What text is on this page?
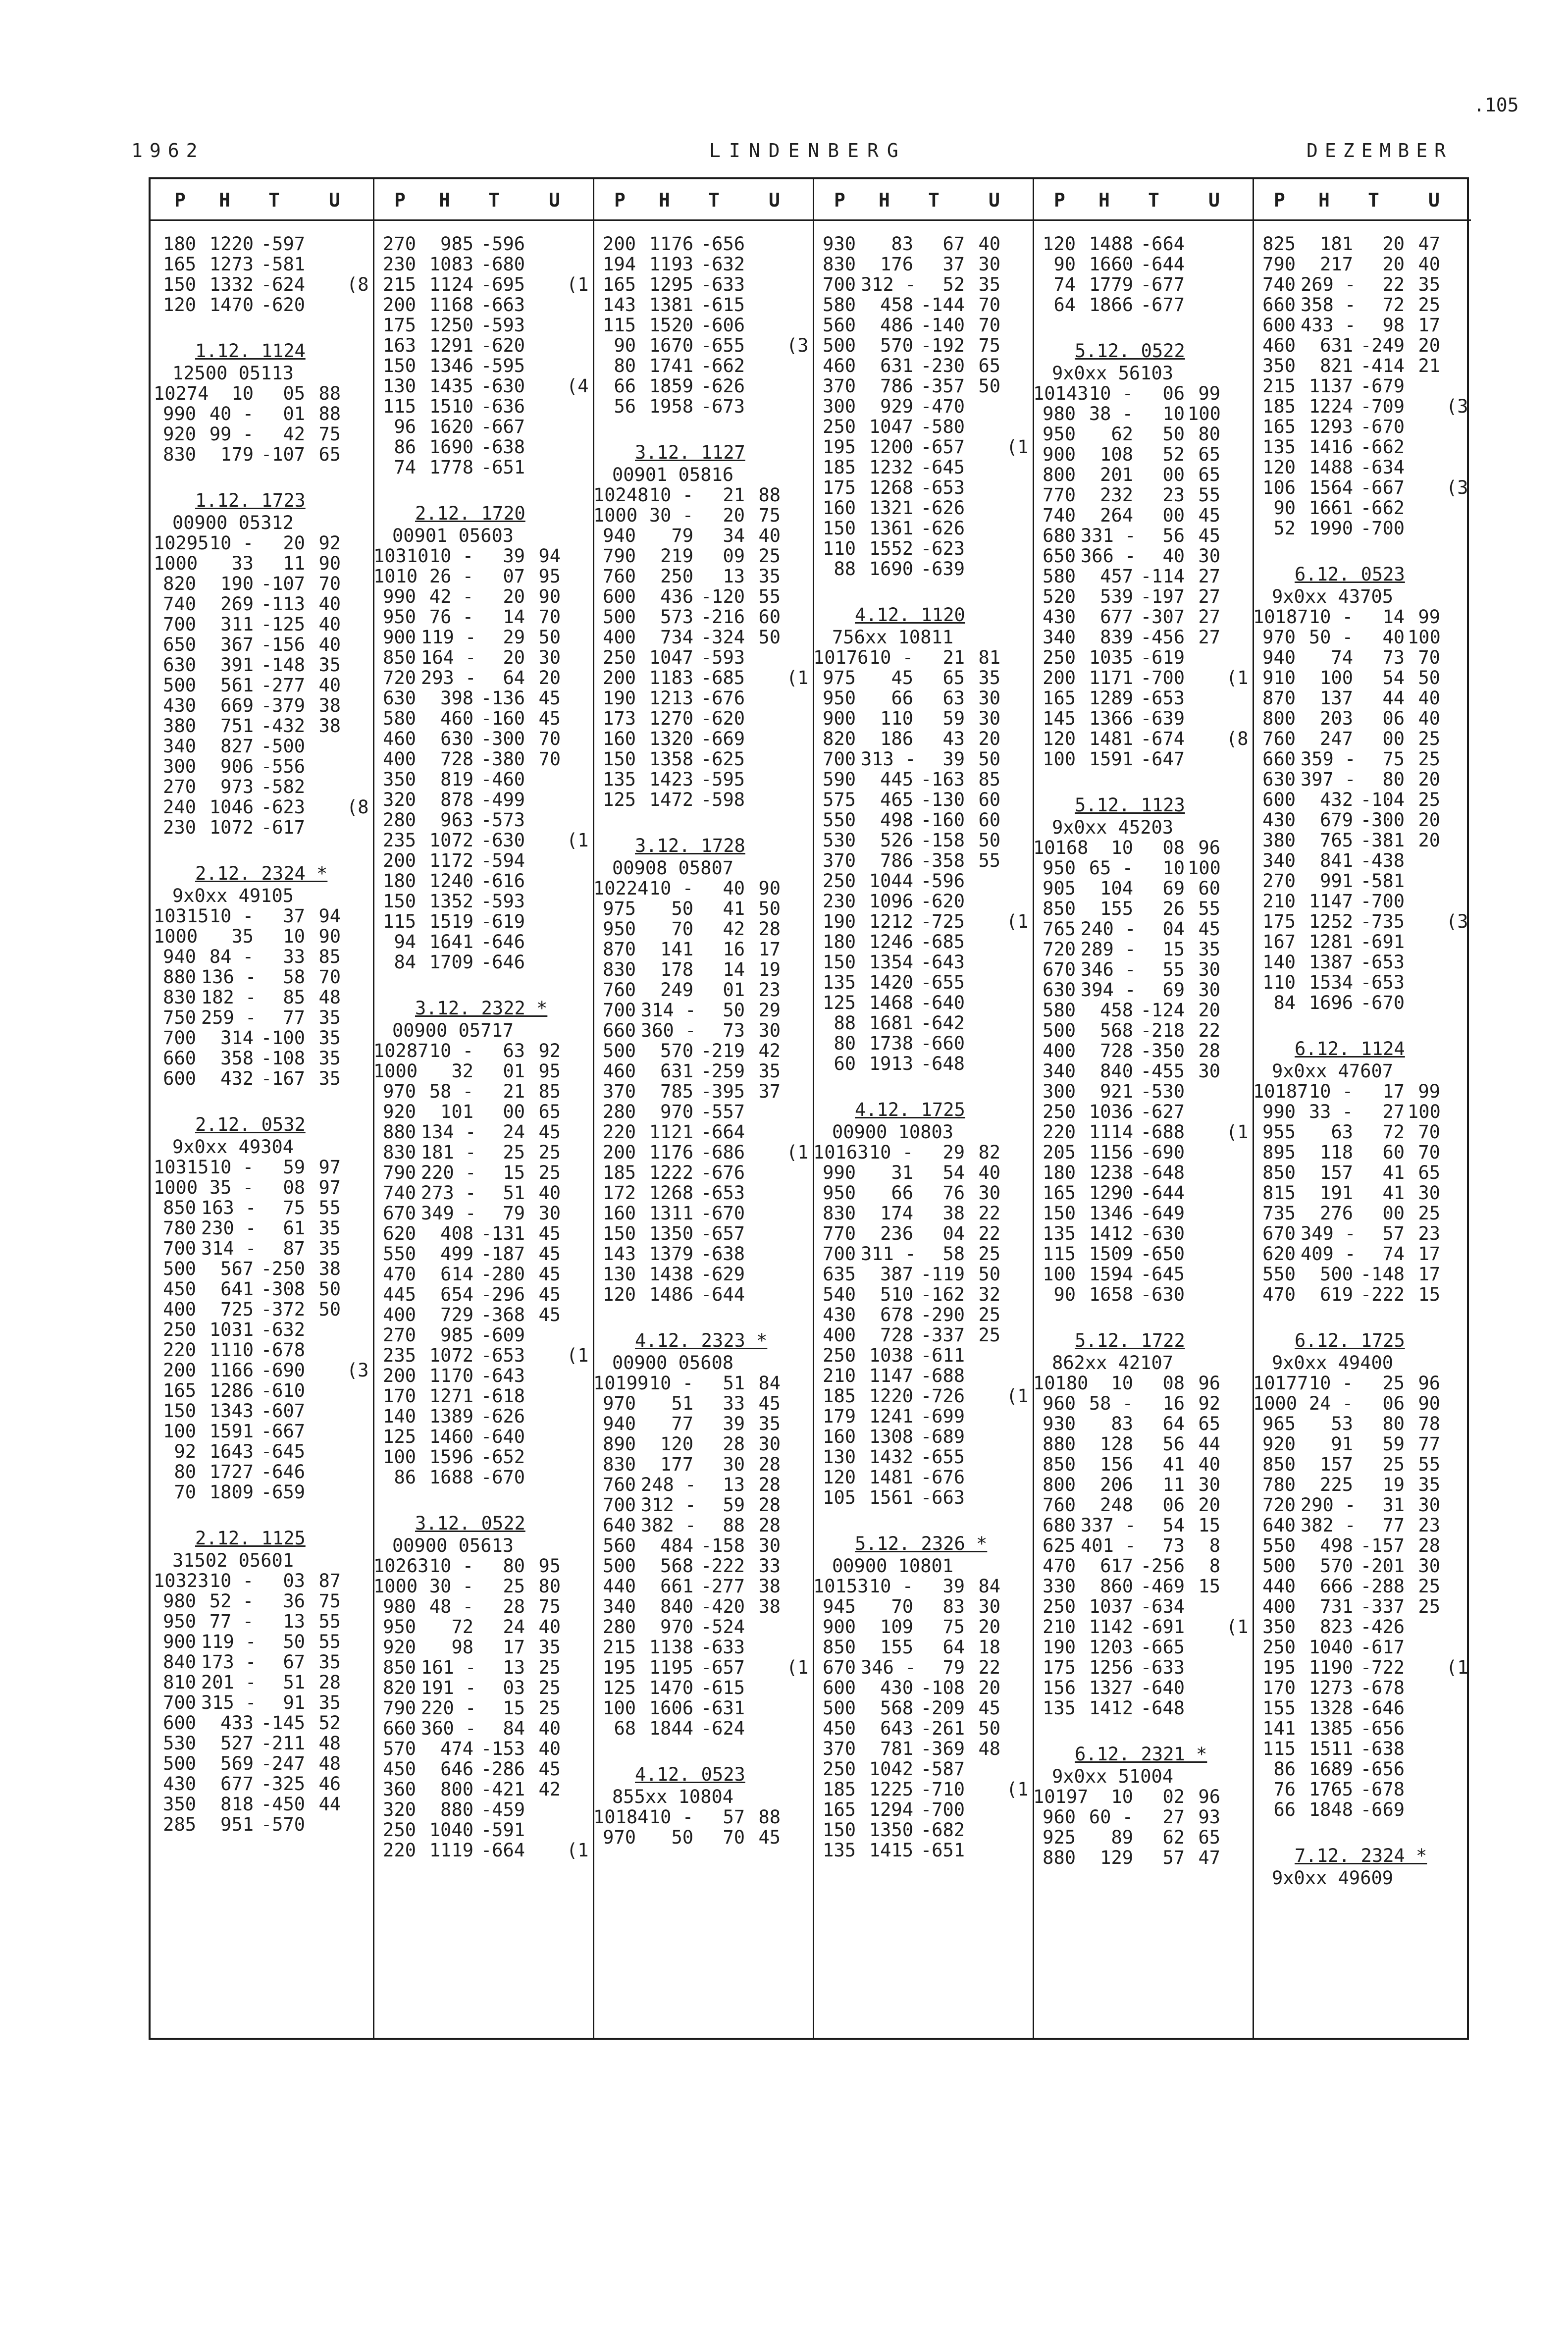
.105
1962	LINDENBERG	DEZEMBER
P H T	U
180 1220 -597
165 1273 -581
150 1332 -624 (8
120 1470 -620
1.12. 1124
12500 05113
10274	10	05 88
990 40 -	01 88
920 99 -	42 75
830	179 -107 65
1.12. 1723
00900 05312
10295 10 -	20 92
1000	33	11 90
820	190 -107 70
740	269 -113 40
700	311 -125 40
650	367 -156 40
630	391 -148 35
500	561 -277 40
430	669 -379 38
380	751 -432 38
340	827 -500
300	906 -556
270	973 -582
240 1046 -623 (8
230 1072 -617
2.12. 2324 *
9x0xx 49105
10315 10 -	37 94
1000	35	10 90
940 84 -	33 85
880 136 -	58 70
830 182 -	85 48
750 259 -	77 35
700	314 -100 35
660	358 -108 35
600	432 -167 35
2.12. 0532
9x0xx 49304
10315 10 -	59 97
1000 35 -	08 97
850 163 -	75 55
780 230 -	61 35
700 314 -	87 35
500	567 -250 38
450	641 -308 50
400	725 -372 50
250 1031 -632
220 1110 -678
200 1166 -690 (3
165 1286 -610
150 1343 -607
100 1591 -667
92 1643 -645
80 1727 -646
70 1809 -659
2.12. 1125
31502 05601
10323 10 -	03 87
980 52 -	36 75
950 77 -	13 55
900 119 -	50 55
840 173 -	67 35
810 201 -	51 28
700 315 -	91 35
600	433 -145 52
530	527 -211 48
500	569 -247 48
430	677 -325 46
350	818 -450 44
285	951 -570
P H T	U
270	985 -596
230 1083 -680
215 1124 -695 (1
200 1168 -663
175 1250 -593
163 1291 -620
150 1346 -595
130 1435 -630 (4
115 1510 -636
96 1620 -667
86 1690 -638
74 1778 -651
2.12. 1720
00901 05603
10310 10 -	39 94
1010 26 -	07 95
990 42 -	20 90
950 76 -	14 70
900 119 -	29 50
850 164 -	20 30
720 293 -	64 20
630	398 -136 45
580	460 -160 45
460	630 -300 70
400	728 -380 70
350	819 -460
320	878 -499
280	963 -573
235 1072 -630 (1
200 1172 -594
180 1240 -616
150 1352 -593
115 1519 -619
94 1641 -646
84 1709 -646
3.12. 2322 *
00900 05717
10287 10 -	63 92
1000	32	01 95
970 58 -	21 85
920	101	00 65
880 134 -	24 45
830 181 -	25 25
790 220 -	15 25
740 273 -	51 40
670 349 -	79 30
620	408 -131 45
550	499 -187 45
470	614 -280 45
445	654 -296 45
400	729 -368 45
270	985 -609
235 1072 -653 (1
200 1170 -643
170 1271 -618
140 1389 -626
125 1460 -640
100 1596 -652
86 1688 -670
3.12. 0522
00900 05613
10263 10 -	80 95
1000 30 -	25 80
980 48 -	28 75
950	72	24 40
920	98	17 35
850 161 -	13 25
820 191 -	03 25
790 220 -	15 25
660 360 -	84 40
570	474 -153 40
450	646 -286 45
360	800 -421 42
320	880 -459
250 1040 -591
220 1119 -664 (1
P H T	U
200 1176 -656
194 1193 -632
165 1295 -633
143 1381 -615
115 1520 -606
90 1670 -655 (3
80 1741 -662
66 1859 -626
56 1958 -673
3.12. 1127
00901 05816
10248 10 -	21 88
1000 30 -	20 75
940	79	34 40
790	219	09 25
760	250	13 35
600	436 -120 55
500	573 -216 60
400	734 -324 50
250 1047 -593
200 1183 -685 (1
190 1213 -676
173 1270 -620
160 1320 -669
150 1358 -625
135 1423 -595
125 1472 -598
3.12. 1728
00908 05807
10224 10 -	40 90
975	50	41 50
950	70	42 28
870	141	16 17
830	178	14 19
760	249	01 23
700 314 -	50 29
660 360 -	73 30
500	570 -219 42
460	631 -259 35
370	785 -395 37
280	970 -557
220 1121 -664
200 1176 -686 (1
185 1222 -676
172 1268 -653
160 1311 -670
150 1350 -657
143 1379 -638
130 1438 -629
120 1486 -644
4.12. 2323 *
00900 05608
10199 10 -	51 84
970	51	33 45
940	77	39 35
890	120	28 30
830	177	30 28
760 248 -	13 28
700 312 -	59 28
640 382 -	88 28
560	484 -158 30
500	568 -222 33
440	661 -277 38
340	840 -420 38
280	970 -524
215 1138 -633
195 1195 -657 (1
125 1470 -615
100 1606 -631
68 1844 -624
4.12. 0523
855xx 10804
10184 10 -	57 88
970	50	70 45
P H T	U
930	83	67 40
830	176	37 30
700 312 -	52 35
580	458 -144 70
560	486 -140 70
500	570 -192 75
460	631 -230 65
370	786 -357 50
300	929 -470
250 1047 -580
195 1200 -657 (1
185 1232 -645
175 1268 -653
160 1321 -626
150 1361 -626
110 1552 -623
88 1690 -639
4.12. 1120
756xx 10811
10176 10 -	21 81
975	45	65 35
950	66	63 30
900	110	59 30
820	186	43 20
700 313 -	39 50
590	445 -163 85
575	465 -130 60
550	498 -160 60
530	526 -158 50
370	786 -358 55
250 1044 -596
230 1096 -620
190 1212 -725 (1
180 1246 -685
150 1354 -643
135 1420 -655
125 1468 -640
88 1681 -642
80 1738 -660
60 1913 -648
4.12. 1725
00900 10803
10163 10 -	29 82
990	31	54 40
950	66	76 30
830	174	38 22
770	236	04 22
700 311 -	58 25
635	387 -119 50
540	510 -162 32
430	678 -290 25
400	728 -337 25
250 1038 -611
210 1147 -688
185 1220 -726 (1
179 1241 -699
160 1308 -689
130 1432 -655
120 1481 -676
105 1561 -663
5.12. 2326 *
00900 10801
10153 10 -	39 84
945	70	83 30
900	109	75 20
850	155	64 18
670 346 -	79 22
600	430 -108 20
500	568 -209 45
450	643 -261 50
370	781 -369 48
250 1042 -587
185 1225 -710 (1
165 1294 -700
150 1350 -682
135 1415 -651
P H T	U
120 1488 -664
90 1660 -644
74 1779 -677
64 1866 -677
5.12. 0522
9x0xx 56103
10143 10 -	06 99
980 38 -	10 100
950	62	50 80
900	108	52 65
800	201	00 65
770	232	23 55
740	264	00 45
680 331 -	56 45
650 366 -	40 30
580	457 -114 27
520	539 -197 27
430	677 -307 27
340	839 -456 27
250 1035 -619
200 1171 -700 (1
165 1289 -653
145 1366 -639
120 1481 -674 (8
100 1591 -647
5.12. 1123
9x0xx 45203
10168	10	08 96
950 65 -	10 100
905	104	69 60
850	155	26 55
765 240 -	04 45
720 289 -	15 35
670 346 -	55 30
630 394 -	69 30
580	458 -124 20
500	568 -218 22
400	728 -350 28
340	840 -455 30
300	921 -530
250 1036 -627
220 1114 -688 (1
205 1156 -690
180 1238 -648
165 1290 -644
150 1346 -649
135 1412 -630
115 1509 -650
100 1594 -645
90 1658 -630
5.12. 1722
862xx 42107
10180	10	08 96
960 58 -	16 92
930	83	64 65
880	128	56 44
850	156	41 40
800	206	11 30
760	248	06 20
680 337 -	54 15
625 401 -	73	8
470	617 -256	8
330	860 -469 15
250 1037 -634
210 1142 -691 (1
190 1203 -665
175 1256 -633
156 1327 -640
135 1412 -648
6.12. 2321 *
9x0xx 51004
10197	10	02 96
960 60 -	27 93
925	89	62 65
880	129	57 47
P H T	U
825	181	20 47
790	217	20 40
740 269 -	22 35
660 358 -	72 25
600 433 -	98 17
460	631 -249 20
350	821 -414 21
215 1137 -679
185 1224 -709 (3
165 1293 -670
135 1416 -662
120 1488 -634
106 1564 -667 (3
90 1661 -662
52 1990 -700
6.12. 0523
9x0xx 43705
10187 10 -	14 99
970 50 -	40 100
940	74	73 70
910	100	54 50
870	137	44 40
800	203	06 40
760	247	00 25
660 359 -	75 25
630 397 -	80 20
600	432 -104 25
430	679 -300 20
380	765 -381 20
340	841 -438
270	991 -581
210 1147 -700
175 1252 -735 (3
167 1281 -691
140 1387 -653
110 1534 -653
84 1696 -670
6.12. 1124
9x0xx 47607
10187 10 -	17 99
990 33 -	27 100
955	63	72 70
895	118	60 70
850	157	41 65
815	191	41 30
735	276	00 25
670 349 -	57 23
620 409 -	74 17
550	500 -148 17
470	619 -222 15
6.12. 1725
9x0xx 49400
10177 10 -	25 96
1000 24 -	06 90
965	53	80 78
920	91	59 77
850	157	25 55
780	225	19 35
720 290 -	31 30
640 382 -	77 23
550	498 -157 28
500	570 -201 30
440	666 -288 25
400	731 -337 25
350	823 -426
250 1040 -617
195 1190 -722 (1
170 1273 -678
155 1328 -646
141 1385 -656
115 1511 -638
86 1689 -656
76 1765 -678
66 1848 -669
7.12. 2324 *
9x0xx 49609
